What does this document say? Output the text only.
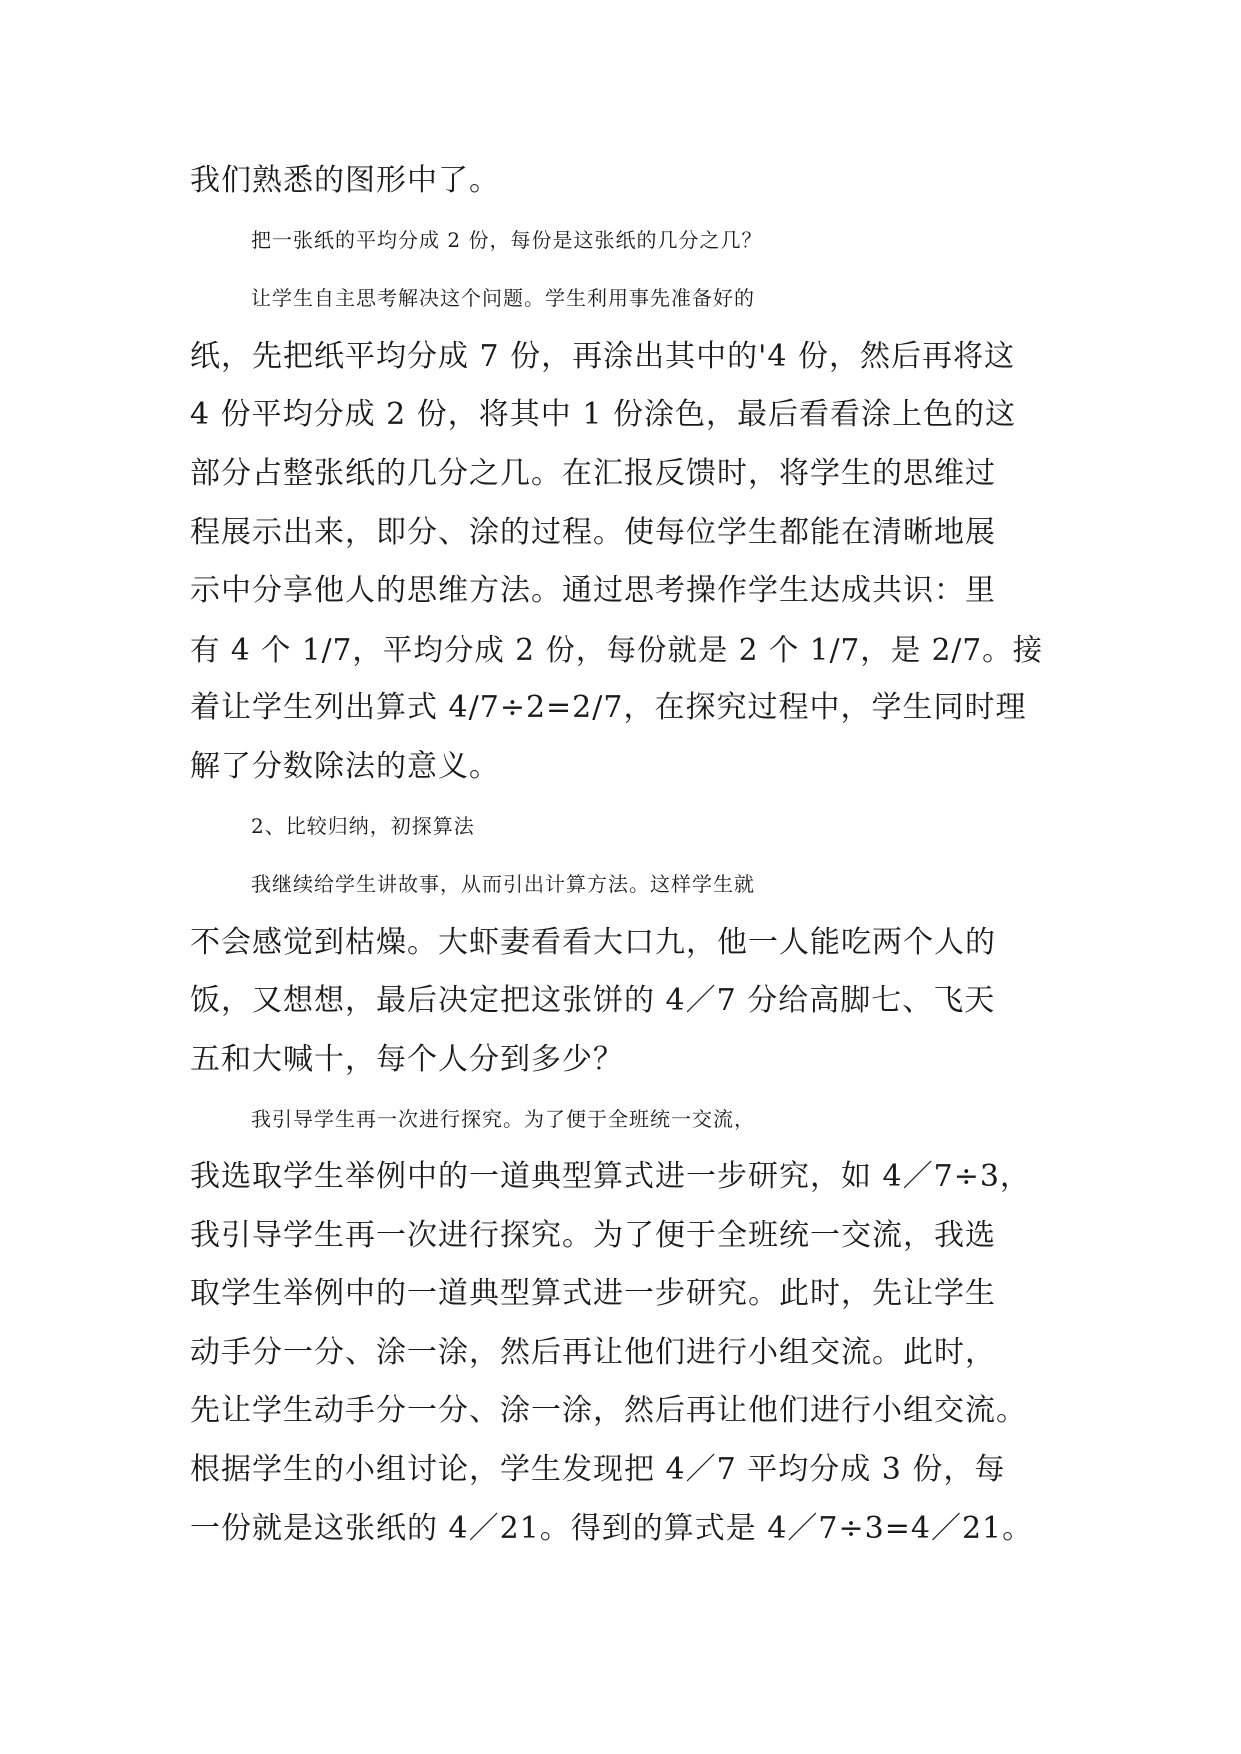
我们熟悉的图形中了。
把一张纸的平均分成 2 份，每份是这张纸的几分之几？
让学生自主思考解决这个问题。学生利用事先准备好的
纸，先把纸平均分成 7 份，再涂出其中的'4 份，然后再将这
4 份平均分成 2 份，将其中 1 份涂色，最后看看涂上色的这
部分占整张纸的几分之几。在汇报反馈时，将学生的思维过
程展示出来，即分、涂的过程。使每位学生都能在清晰地展
示中分享他人的思维方法。通过思考操作学生达成共识：里
有 4 个 1/7，平均分成 2 份，每份就是 2 个 1/7，是 2/7。接
着让学生列出算式 4/7÷2=2/7，在探究过程中，学生同时理
解了分数除法的意义。
2、比较归纳，初探算法
我继续给学生讲故事，从而引出计算方法。这样学生就
不会感觉到枯燥。大虾妻看看大口九，他一人能吃两个人的
饭，又想想，最后决定把这张饼的 4／7 分给高脚七、飞天
五和大喊十，每个人分到多少？
我引导学生再一次进行探究。为了便于全班统一交流，
我选取学生举例中的一道典型算式进一步研究，如 4／7÷3，
我引导学生再一次进行探究。为了便于全班统一交流，我选
取学生举例中的一道典型算式进一步研究。此时，先让学生
动手分一分、涂一涂，然后再让他们进行小组交流。此时，
先让学生动手分一分、涂一涂，然后再让他们进行小组交流。
根据学生的小组讨论，学生发现把 4／7 平均分成 3 份，每
一份就是这张纸的 4／21。得到的算式是 4／7÷3=4／21。
